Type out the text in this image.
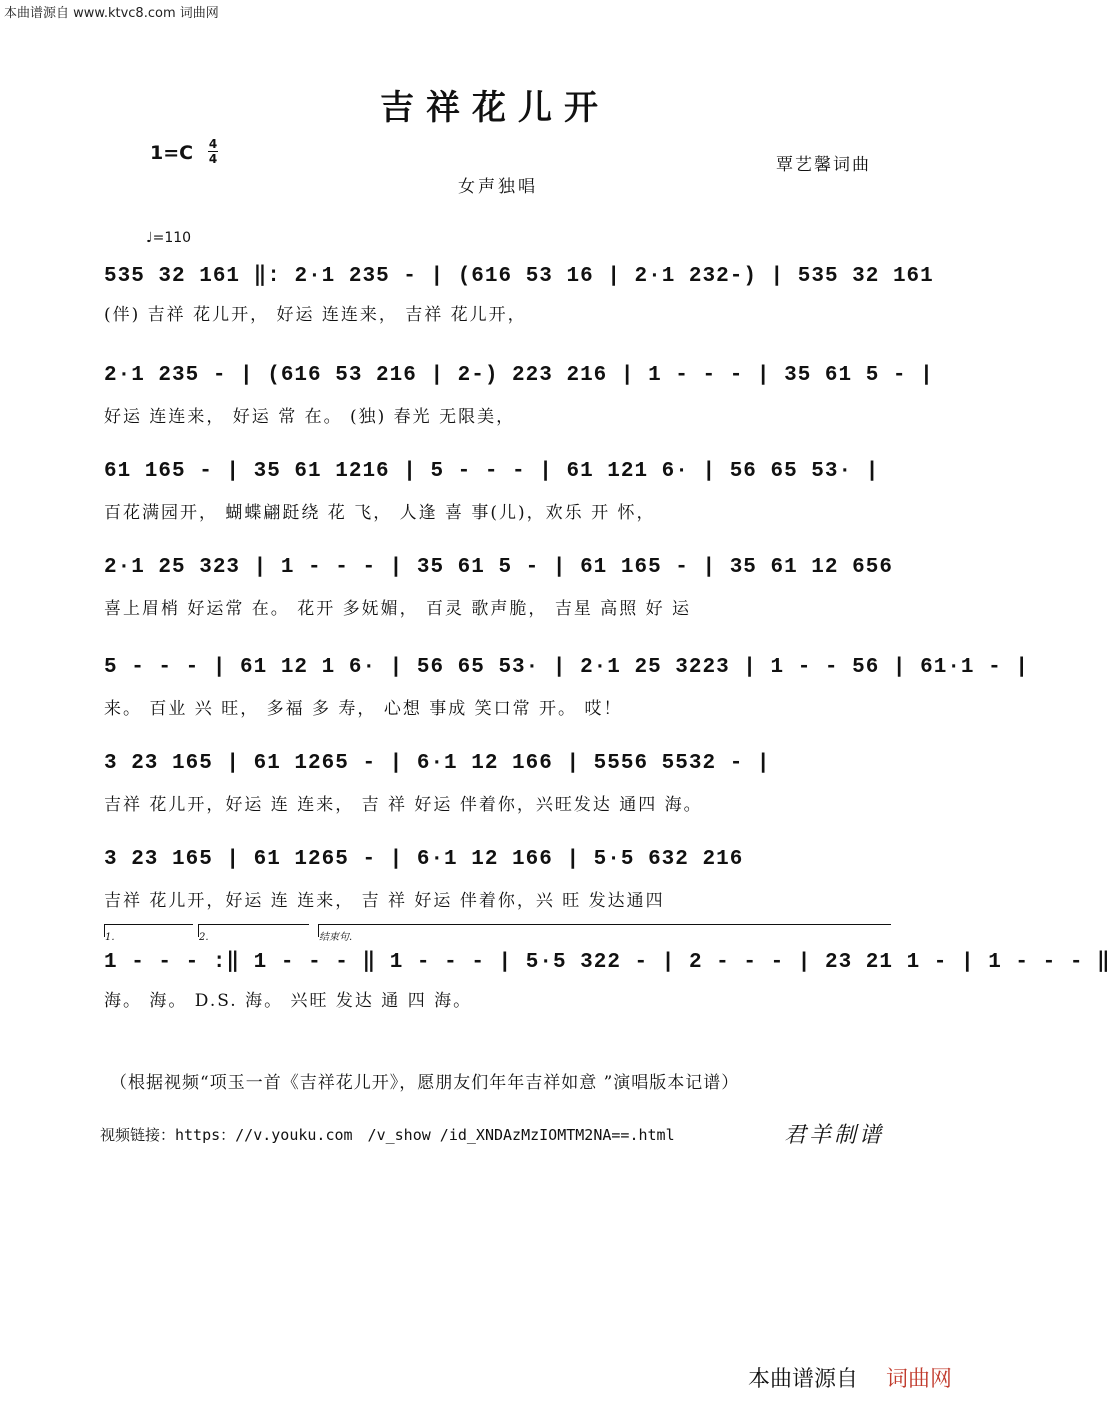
本曲谱源自 www.ktvc8.com 词曲网
吉祥花儿开
1=C 4
4	覃艺馨词曲
女声独唱
♩=110
535 32 161 ‖: 2·1 235 - | (616 53 16 | 2·1 232-) | 535 32 161
(伴) 吉祥 花儿开， 好运 连连来， 吉祥 花儿开，
2·1 235 - | (616 53 216 | 2-) 223 216 | 1 - - - | 35 61 5 - |
好运 连连来， 好运 常 在。 (独) 春光 无限美，
61 165 - | 35 61 1216 | 5 - - - | 61 121 6· | 56 65 53· |
百花满园开， 蝴蝶翩跹绕 花 飞， 人逢 喜 事(儿)，欢乐 开 怀，
2·1 25 323 | 1 - - - | 35 61 5 - | 61 165 - | 35 61 12 656
喜上眉梢 好运常 在。 花开 多妩媚， 百灵 歌声脆， 吉星 高照 好 运
5 - - - | 61 12 1 6· | 56 65 53· | 2·1 25 3223 | 1 - - 56 | 61·1 - |
来。 百业 兴 旺， 多福 多 寿， 心想 事成 笑口常 开。 哎！
3 23 165 | 61 1265 - | 6·1 12 166 | 5556 5532 - |
吉祥 花儿开，好运 连 连来， 吉 祥 好运 伴着你，兴旺发达 通四 海。
3 23 165 | 61 1265 - | 6·1 12 166 | 5·5 632 216
吉祥 花儿开，好运 连 连来， 吉 祥 好运 伴着你，兴 旺 发达通四
1 - - - :‖ 1 - - - ‖ 1 - - - | 5·5 322 - | 2 - - - | 23 21 1 - | 1 - - - ‖
海。 海。 D.S. 海。 兴旺 发达 通 四 海。
1.	2.	结束句.
（根据视频“项玉一首《吉祥花儿开》，愿朋友们年年吉祥如意 ”演唱版本记谱）
视频链接：https：//v.youku.com　/v_show /id_XNDAzMzIOMTM2NA==.html	君羊制谱
本曲谱源自 词曲网
